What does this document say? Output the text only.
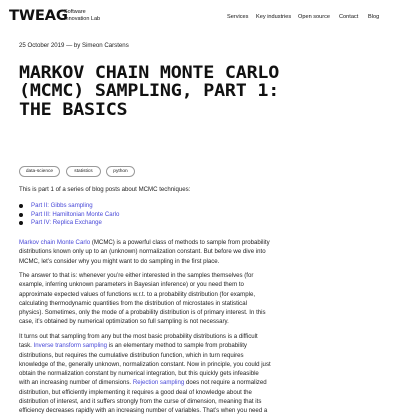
TWEAG
Software
Innovation Lab	Services Key industries Open source Contact Blog
25 October 2019 — by Simeon Carstens
MARKOV CHAIN MONTE CARLO (MCMC) SAMPLING, PART 1: THE BASICS
data-science	statistics	python
This is part 1 of a series of blog posts about MCMC techniques:
Part II: Gibbs sampling
Part III: Hamiltonian Monte Carlo
Part IV: Replica Exchange
Markov chain Monte Carlo (MCMC) is a powerful class of methods to sample from probability
distributions known only up to an (unknown) normalization constant. But before we dive into
MCMC, let’s consider why you might want to do sampling in the first place.
The answer to that is: whenever you’re either interested in the samples themselves (for
example, inferring unknown parameters in Bayesian inference) or you need them to
approximate expected values of functions w.r.t. to a probability distribution (for example,
calculating thermodynamic quantities from the distribution of microstates in statistical
physics). Sometimes, only the mode of a probability distribution is of primary interest. In this
case, it’s obtained by numerical optimization so full sampling is not necessary.
It turns out that sampling from any but the most basic probability distributions is a difficult
task. Inverse transform sampling is an elementary method to sample from probability
distributions, but requires the cumulative distribution function, which in turn requires
knowledge of the, generally unknown, normalization constant. Now in principle, you could just
obtain the normalization constant by numerical integration, but this quickly gets infeasible
with an increasing number of dimensions. Rejection sampling does not require a normalized
distribution, but efficiently implementing it requires a good deal of knowledge about the
distribution of interest, and it suffers strongly from the curse of dimension, meaning that its
efficiency decreases rapidly with an increasing number of variables. That’s when you need a
